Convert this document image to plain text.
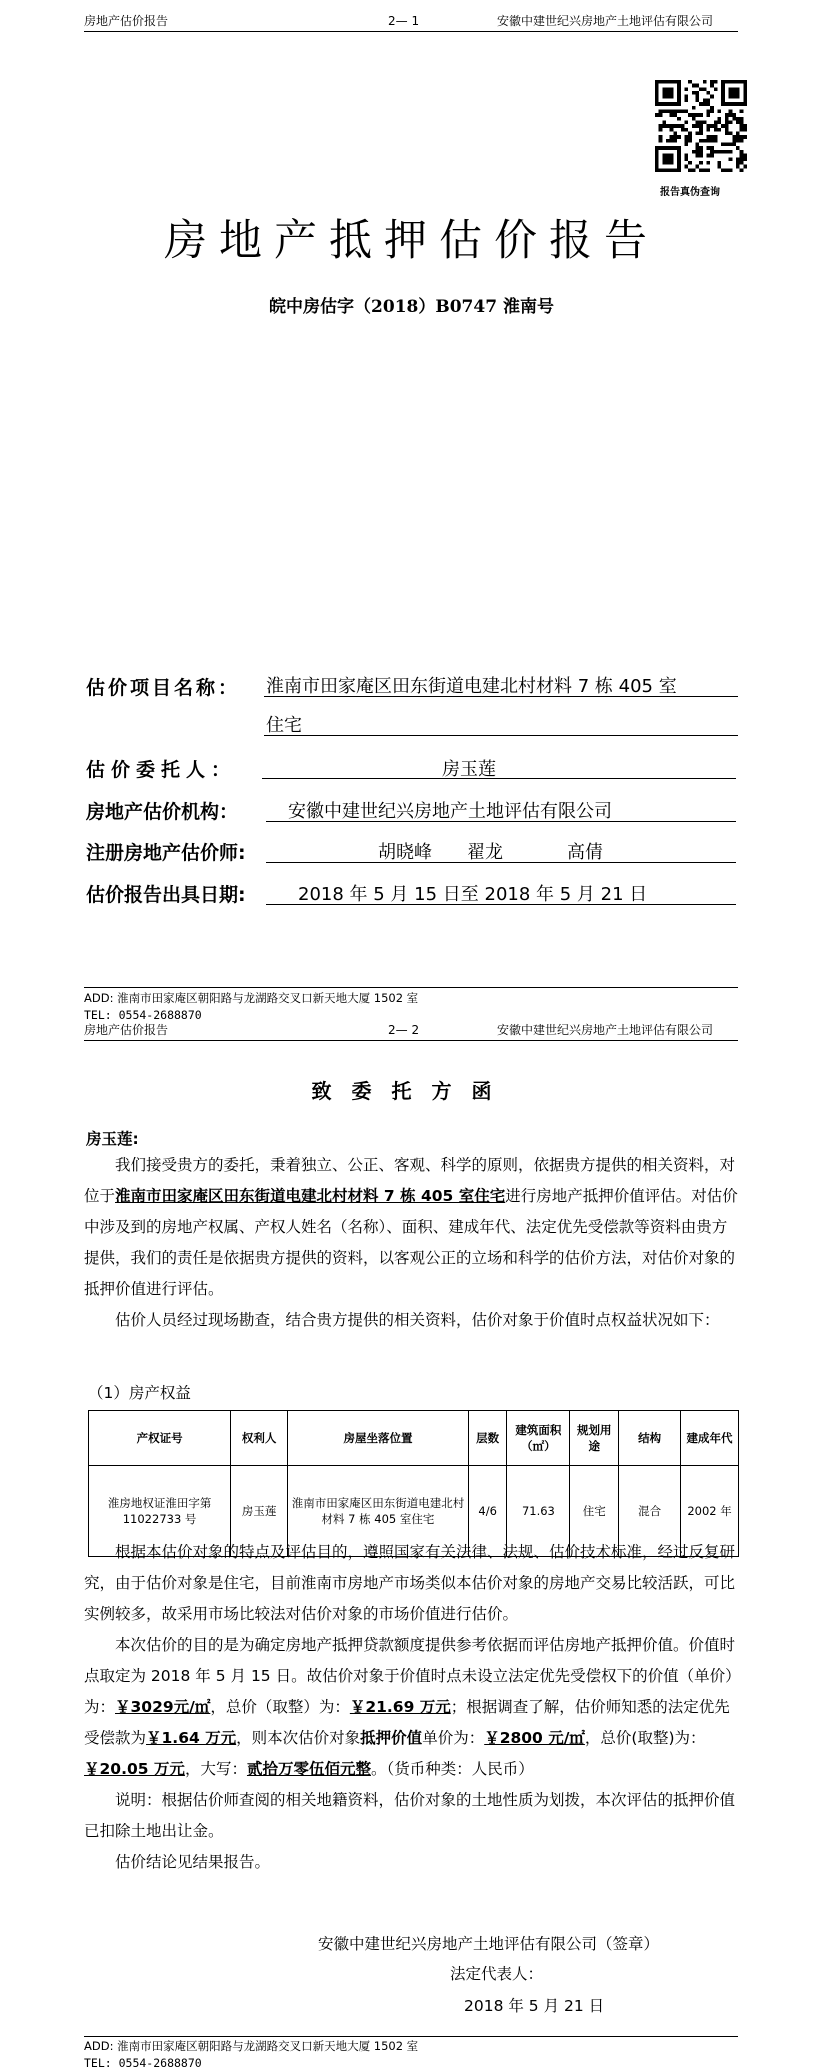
房地产估价报告	2— 1	安徽中建世纪兴房地产土地评估有限公司
报告真伪查询
房地产抵押估价报告
皖中房估字（2018）B0747 淮南号
估价项目名称： 淮南市田家庵区田东街道电建北村材料 7 栋 405 室
住宅
估价委托人：	房玉莲
房地产估价机构：	安徽中建世纪兴房地产土地评估有限公司
注册房地产估价师:	胡晓峰 翟龙	高倩
估价报告出具日期:	2018 年 5 月 15 日至 2018 年 5 月 21 日
ADD: 淮南市田家庵区朝阳路与龙湖路交叉口新天地大厦 1502 室
TEL: 0554-2688870
房地产估价报告	2— 2	安徽中建世纪兴房地产土地评估有限公司
致委托方函
房玉莲:

我们接受贵方的委托，秉着独立、公正、客观、科学的原则，依据贵方提供的相关资料，对位于淮南市田家庵区田东街道电建北村材料 7 栋 405 室住宅进行房地产抵押价值评估。对估价中涉及到的房地产权属、产权人姓名（名称）、面积、建成年代、法定优先受偿款等资料由贵方提供，我们的责任是依据贵方提供的资料，以客观公正的立场和科学的估价方法，对估价对象的抵押价值进行评估。

估价人员经过现场勘查，结合贵方提供的相关资料，估价对象于价值时点权益状况如下：

（1）房产权益
产权证号	权利人	房屋坐落位置	层数	建筑面积（㎡）	规划用途	结构	建成年代
淮房地权证淮田字第11022733 号	房玉莲	淮南市田家庵区田东街道电建北村材料 7 栋 405 室住宅	4/6	71.63	住宅	混合	2002 年

根据本估价对象的特点及评估目的，遵照国家有关法律、法规、估价技术标准，经过反复研究，由于估价对象是住宅，目前淮南市房地产市场类似本估价对象的房地产交易比较活跃，可比实例较多，故采用市场比较法对估价对象的市场价值进行估价。

本次估价的目的是为确定房地产抵押贷款额度提供参考依据而评估房地产抵押价值。价值时点取定为 2018 年 5 月 15 日。故估价对象于价值时点未设立法定优先受偿权下的价值（单价）为：￥3029元/㎡，总价（取整）为：￥21.69 万元；根据调查了解，估价师知悉的法定优先受偿款为￥1.64 万元，则本次估价对象抵押价值单价为：￥2800 元/㎡，总价(取整)为：￥20.05 万元，大写：贰拾万零伍佰元整。（货币种类：人民币）

说明：根据估价师查阅的相关地籍资料，估价对象的土地性质为划拨，本次评估的抵押价值已扣除土地出让金。

估价结论见结果报告。

安徽中建世纪兴房地产土地评估有限公司（签章）
法定代表人：
2018 年 5 月 21 日
ADD: 淮南市田家庵区朝阳路与龙湖路交叉口新天地大厦 1502 室
TEL: 0554-2688870
